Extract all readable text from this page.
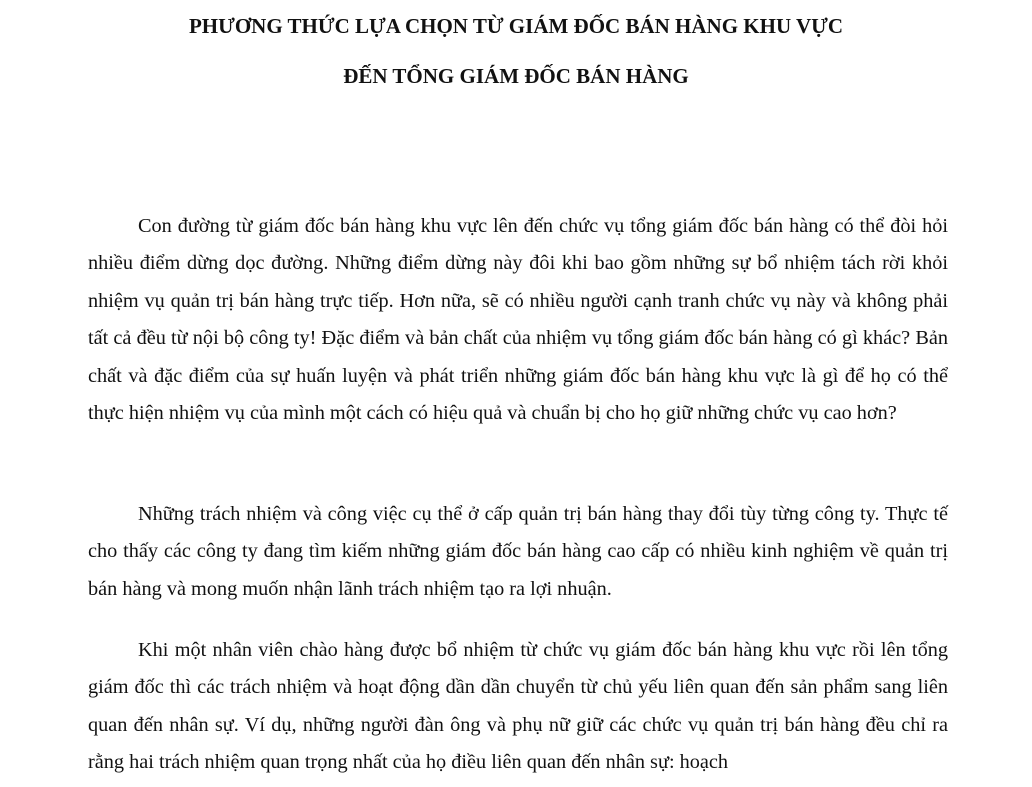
PHƯƠNG THỨC LỰA CHỌN TỪ GIÁM ĐỐC BÁN HÀNG KHU VỰC
ĐẾN TỔNG GIÁM ĐỐC BÁN HÀNG

Con đường từ giám đốc bán hàng khu vực lên đến chức vụ tổng giám đốc bán hàng có thể đòi hỏi nhiều điểm dừng dọc đường. Những điểm dừng này đôi khi bao gồm những sự bổ nhiệm tách rời khỏi nhiệm vụ quản trị bán hàng trực tiếp. Hơn nữa, sẽ có nhiều người cạnh tranh chức vụ này và không phải tất cả đều từ nội bộ công ty! Đặc điểm và bản chất của nhiệm vụ tổng giám đốc bán hàng có gì khác? Bản chất và đặc điểm của sự huấn luyện và phát triển những giám đốc bán hàng khu vực là gì để họ có thể thực hiện nhiệm vụ của mình một cách có hiệu quả và chuẩn bị cho họ giữ những chức vụ cao hơn?

Những trách nhiệm và công việc cụ thể ở cấp quản trị bán hàng thay đổi tùy từng công ty. Thực tế cho thấy các công ty đang tìm kiếm những giám đốc bán hàng cao cấp có nhiều kinh nghiệm về quản trị bán hàng và mong muốn nhận lãnh trách nhiệm tạo ra lợi nhuận.

Khi một nhân viên chào hàng được bổ nhiệm từ chức vụ giám đốc bán hàng khu vực rồi lên tổng giám đốc thì các trách nhiệm và hoạt động dần dần chuyển từ chủ yếu liên quan đến sản phẩm sang liên quan đến nhân sự. Ví dụ, những người đàn ông và phụ nữ giữ các chức vụ quản trị bán hàng đều chỉ ra rằng hai trách nhiệm quan trọng nhất của họ điều liên quan đến nhân sự: hoạch
